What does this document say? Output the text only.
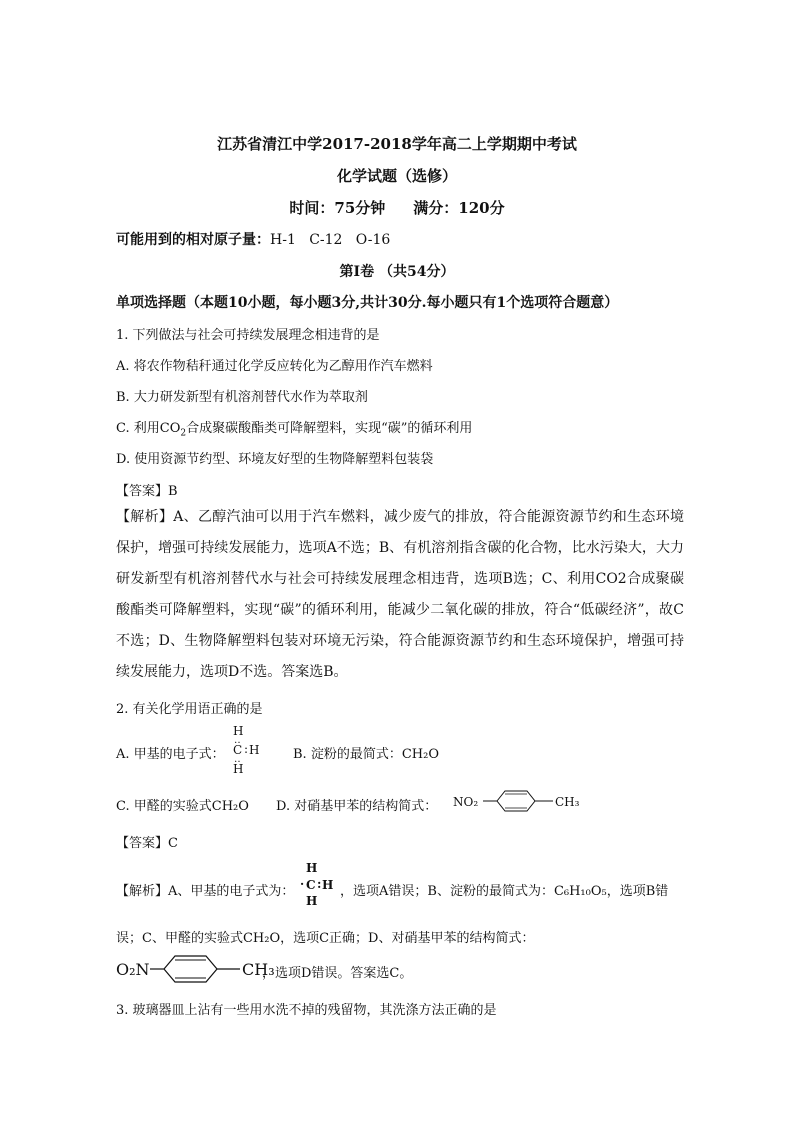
江苏省清江中学2017-2018学年高二上学期期中考试
化学试题（选修）
时间：75分钟 满分：120分
可能用到的相对原子量：H-1   C-12   O-16
第Ⅰ卷 （共54分）
单项选择题（本题10小题，每小题3分,共计30分.每小题只有1个选项符合题意）
1. 下列做法与社会可持续发展理念相违背的是
A. 将农作物秸秆通过化学反应转化为乙醇用作汽车燃料
B. 大力研发新型有机溶剂替代水作为萃取剂
C. 利用$CO_2$合成聚碳酸酯类可降解塑料，实现“碳”的循环利用
D. 使用资源节约型、环境友好型的生物降解塑料包装袋
【答案】B
【解析】A、乙醇汽油可以用于汽车燃料，减少废气的排放，符合能源资源节约和生态环境保护，增强可持续发展能力，选项A不选；B、有机溶剂指含碳的化合物，比水污染大，大力研发新型有机溶剂替代水与社会可持续发展理念相违背，选项B选；C、利用CO2合成聚碳酸酯类可降解塑料，实现“碳”的循环利用，能减少二氧化碳的排放，符合“低碳经济”，故C不选；D、生物降解塑料包装对环境无污染，符合能源资源节约和生态环境保护，增强可持续发展能力，选项D不选。答案选B。
2. 有关化学用语正确的是
A. 甲基的电子式：
H
‥
C : H
‥
H
B. 淀粉的最简式：CH₂O
C. 甲醛的实验式CH₂O D. 对硝基甲苯的结构简式： NO₂	CH₃
【答案】C
【解析】A、甲基的电子式为：
H
· C : H
H
，选项A错误；B、淀粉的最简式为：C₆H₁₀O₅，选项B错
误；C、甲醛的实验式CH₂O，选项C正确；D、对硝基甲苯的结构简式：
O₂N	CH₃
，选项D错误。答案选C。
3. 玻璃器皿上沾有一些用水洗不掉的残留物，其洗涤方法正确的是
